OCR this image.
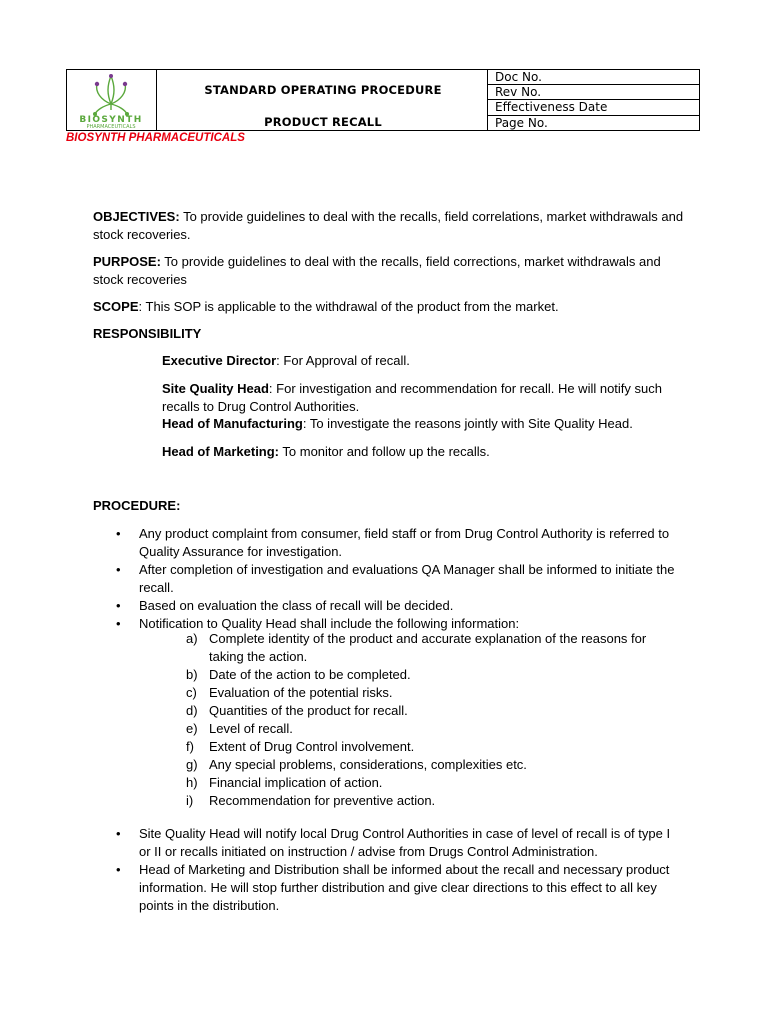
BIOSYNTH
PHARMACEUTICALS
STANDARD OPERATING PROCEDURE
PRODUCT RECALL
Doc No.
Rev No.
Effectiveness Date
Page No.
BIOSYNTH PHARMACEUTICALS
OBJECTIVES: To provide guidelines to deal with the recalls, field correlations, market withdrawals and stock recoveries.
PURPOSE: To provide guidelines to deal with the recalls, field corrections, market withdrawals and stock recoveries
SCOPE: This SOP is applicable to the withdrawal of the product from the market.
RESPONSIBILITY
Executive Director: For Approval of recall.
Site Quality Head: For investigation and recommendation for recall. He will notify such recalls to Drug Control Authorities.
Head of Manufacturing: To investigate the reasons jointly with Site Quality Head.
Head of Marketing: To monitor and follow up the recalls.
PROCEDURE:
• Any product complaint from consumer, field staff or from Drug Control Authority is referred to Quality Assurance for investigation.
• After completion of investigation and evaluations QA Manager shall be informed to initiate the recall.
• Based on evaluation the class of recall will be decided.
• Notification to Quality Head shall include the following information:
a) Complete identity of the product and accurate explanation of the reasons for taking the action.
b) Date of the action to be completed.
c) Evaluation of the potential risks.
d) Quantities of the product for recall.
e) Level of recall.
f) Extent of Drug Control involvement.
g) Any special problems, considerations, complexities etc.
h) Financial implication of action.
i) Recommendation for preventive action.
• Site Quality Head will notify local Drug Control Authorities in case of level of recall is of type I or II or recalls initiated on instruction / advise from Drugs Control Administration.
• Head of Marketing and Distribution shall be informed about the recall and necessary product information. He will stop further distribution and give clear directions to this effect to all key points in the distribution.
